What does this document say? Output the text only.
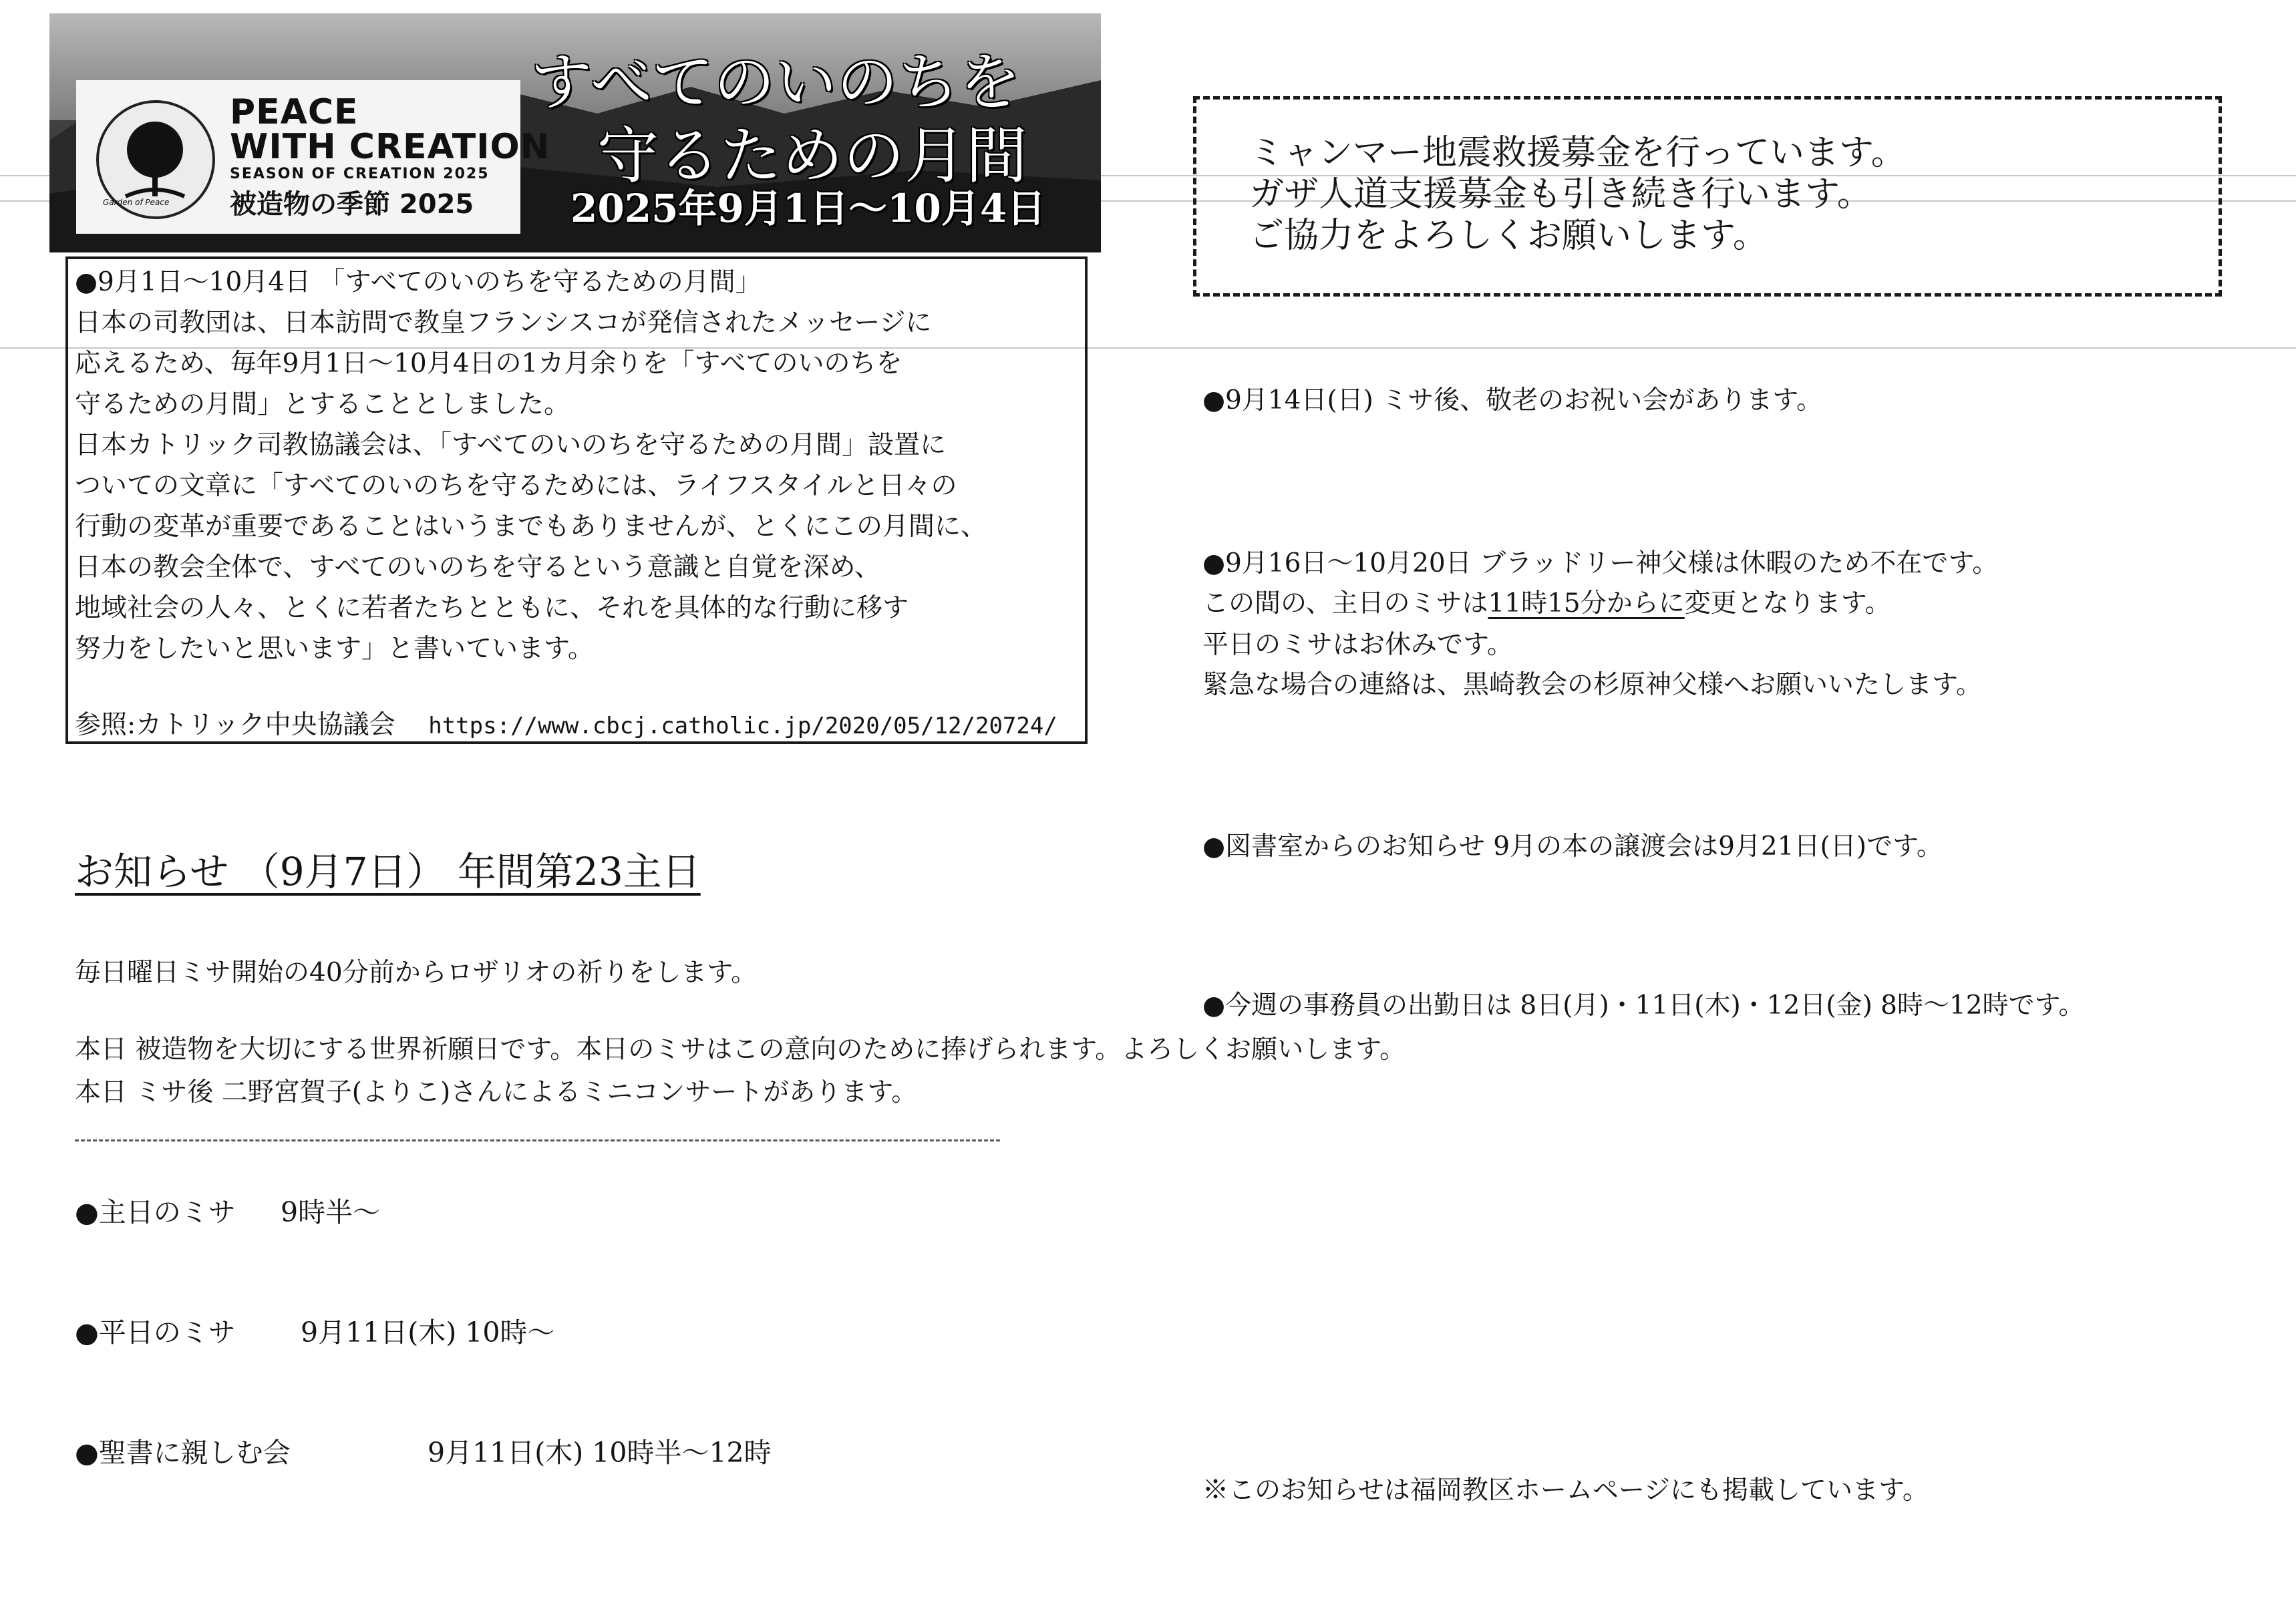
Garden of Peace
PEACE
WITH CREATION
SEASON OF CREATION 2025
被造物の季節 2025
すべてのいのちを
守るための月間
2025年9月1日〜10月4日
●9月1日〜10月4日 「すべてのいのちを守るための月間」
日本の司教団は、日本訪問で教皇フランシスコが発信されたメッセージに
応えるため、毎年9月1日〜10月4日の1カ月余りを「すべてのいのちを
守るための月間」とすることとしました。
日本カトリック司教協議会は、「すべてのいのちを守るための月間」設置に
ついての文章に「すべてのいのちを守るためには、ライフスタイルと日々の
行動の変革が重要であることはいうまでもありませんが、とくにこの月間に、
日本の教会全体で、すべてのいのちを守るという意識と自覚を深め、
地域社会の人々、とくに若者たちとともに、それを具体的な行動に移す
努力をしたいと思います」と書いています。
参照:カトリック中央協議会 https://www.cbcj.catholic.jp/2020/05/12/20724/
ミャンマー地震救援募金を行っています。
ガザ人道支援募金も引き続き行います。
ご協力をよろしくお願いします。
●9月14日(日) ミサ後、敬老のお祝い会があります。
●9月16日〜10月20日 ブラッドリー神父様は休暇のため不在です。
この間の、主日のミサは11時15分からに変更となります。
平日のミサはお休みです。
緊急な場合の連絡は、黒崎教会の杉原神父様へお願いいたします。
●図書室からのお知らせ 9月の本の譲渡会は9月21日(日)です。
●今週の事務員の出勤日は 8日(月)・11日(木)・12日(金) 8時〜12時です。
※このお知らせは福岡教区ホームページにも掲載しています。
お知らせ （9月7日） 年間第23主日
毎日曜日ミサ開始の40分前からロザリオの祈りをします。
本日 被造物を大切にする世界祈願日です。本日のミサはこの意向のために捧げられます。よろしくお願いします。
本日 ミサ後 二野宮賀子(よりこ)さんによるミニコンサートがあります。
●主日のミサ 9時半〜
●平日のミサ 9月11日(木) 10時〜
●聖書に親しむ会	9月11日(木) 10時半〜12時
